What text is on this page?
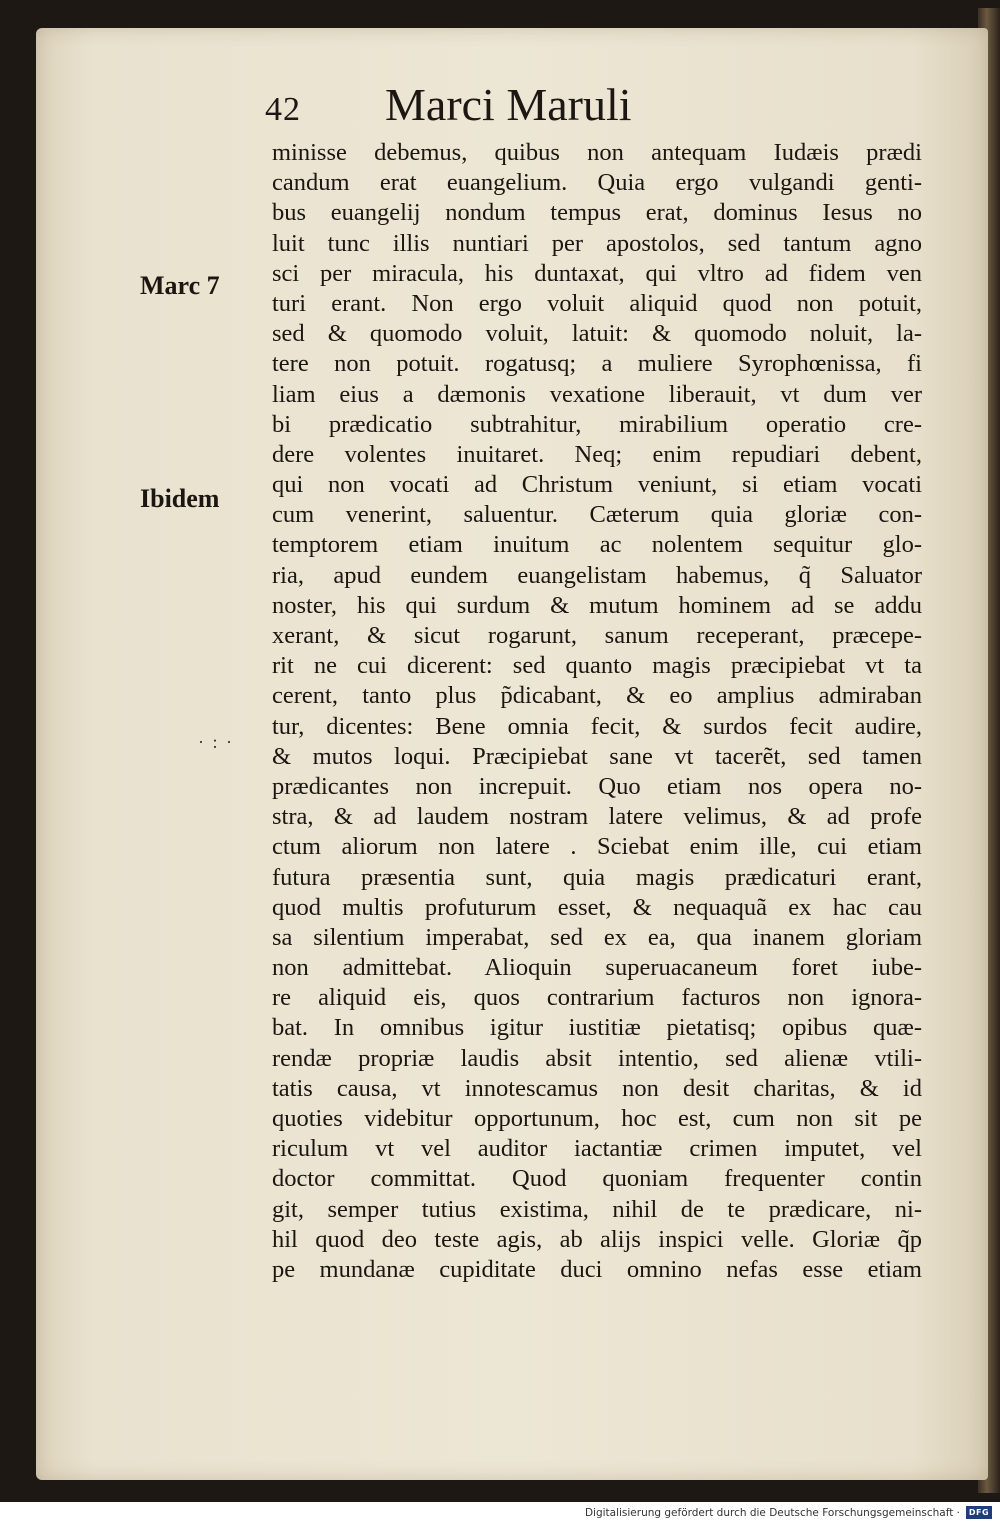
42	Marci Maruli
Marc 7
Ibidem
· : ·
minisse debemus, quibus non antequam Iudæis prædi
candum erat euangelium. Quia ergo vulgandi genti-
bus euangelij nondum tempus erat, dominus Iesus no
luit tunc illis nuntiari per apostolos, sed tantum agno
sci per miracula, his duntaxat, qui vltro ad fidem ven
turi erant. Non ergo voluit aliquid quod non potuit,
sed & quomodo voluit, latuit: & quomodo noluit, la-
tere non potuit. rogatusq; a muliere Syrophœnissa, fi
liam eius a dæmonis vexatione liberauit, vt dum ver
bi prædicatio subtrahitur, mirabilium operatio cre-
dere volentes inuitaret. Neq; enim repudiari debent,
qui non vocati ad Christum veniunt, si etiam vocati
cum venerint, saluentur. Cæterum quia gloriæ con-
temptorem etiam inuitum ac nolentem sequitur glo-
ria, apud eundem euangelistam habemus, q̃ Saluator
noster, his qui surdum & mutum hominem ad se addu
xerant, & sicut rogarunt, sanum receperant, præcepe-
rit ne cui dicerent: sed quanto magis præcipiebat vt ta
cerent, tanto plus p̃dicabant, & eo amplius admiraban
tur, dicentes: Bene omnia fecit, & surdos fecit audire,
& mutos loqui. Præcipiebat sane vt tacerẽt, sed tamen
prædicantes non increpuit. Quo etiam nos opera no-
stra, & ad laudem nostram latere velimus, & ad profe
ctum aliorum non latere . Sciebat enim ille, cui etiam
futura præsentia sunt, quia magis prædicaturi erant,
quod multis profuturum esset, & nequaquã ex hac cau
sa silentium imperabat, sed ex ea, qua inanem gloriam
non admittebat. Alioquin superuacaneum foret iube-
re aliquid eis, quos contrarium facturos non ignora-
bat. In omnibus igitur iustitiæ pietatisq; opibus quæ-
rendæ propriæ laudis absit intentio, sed alienæ vtili-
tatis causa, vt innotescamus non desit charitas, & id
quoties videbitur opportunum, hoc est, cum non sit pe
riculum vt vel auditor iactantiæ crimen imputet, vel
doctor committat. Quod quoniam frequenter contin
git, semper tutius existima, nihil de te prædicare, ni-
hil quod deo teste agis, ab alijs inspici velle. Gloriæ q̃p
pe mundanæ cupiditate duci omnino nefas esse etiam
Digitalisierung gefördert durch die Deutsche Forschungsgemeinschaft ·	DFG
